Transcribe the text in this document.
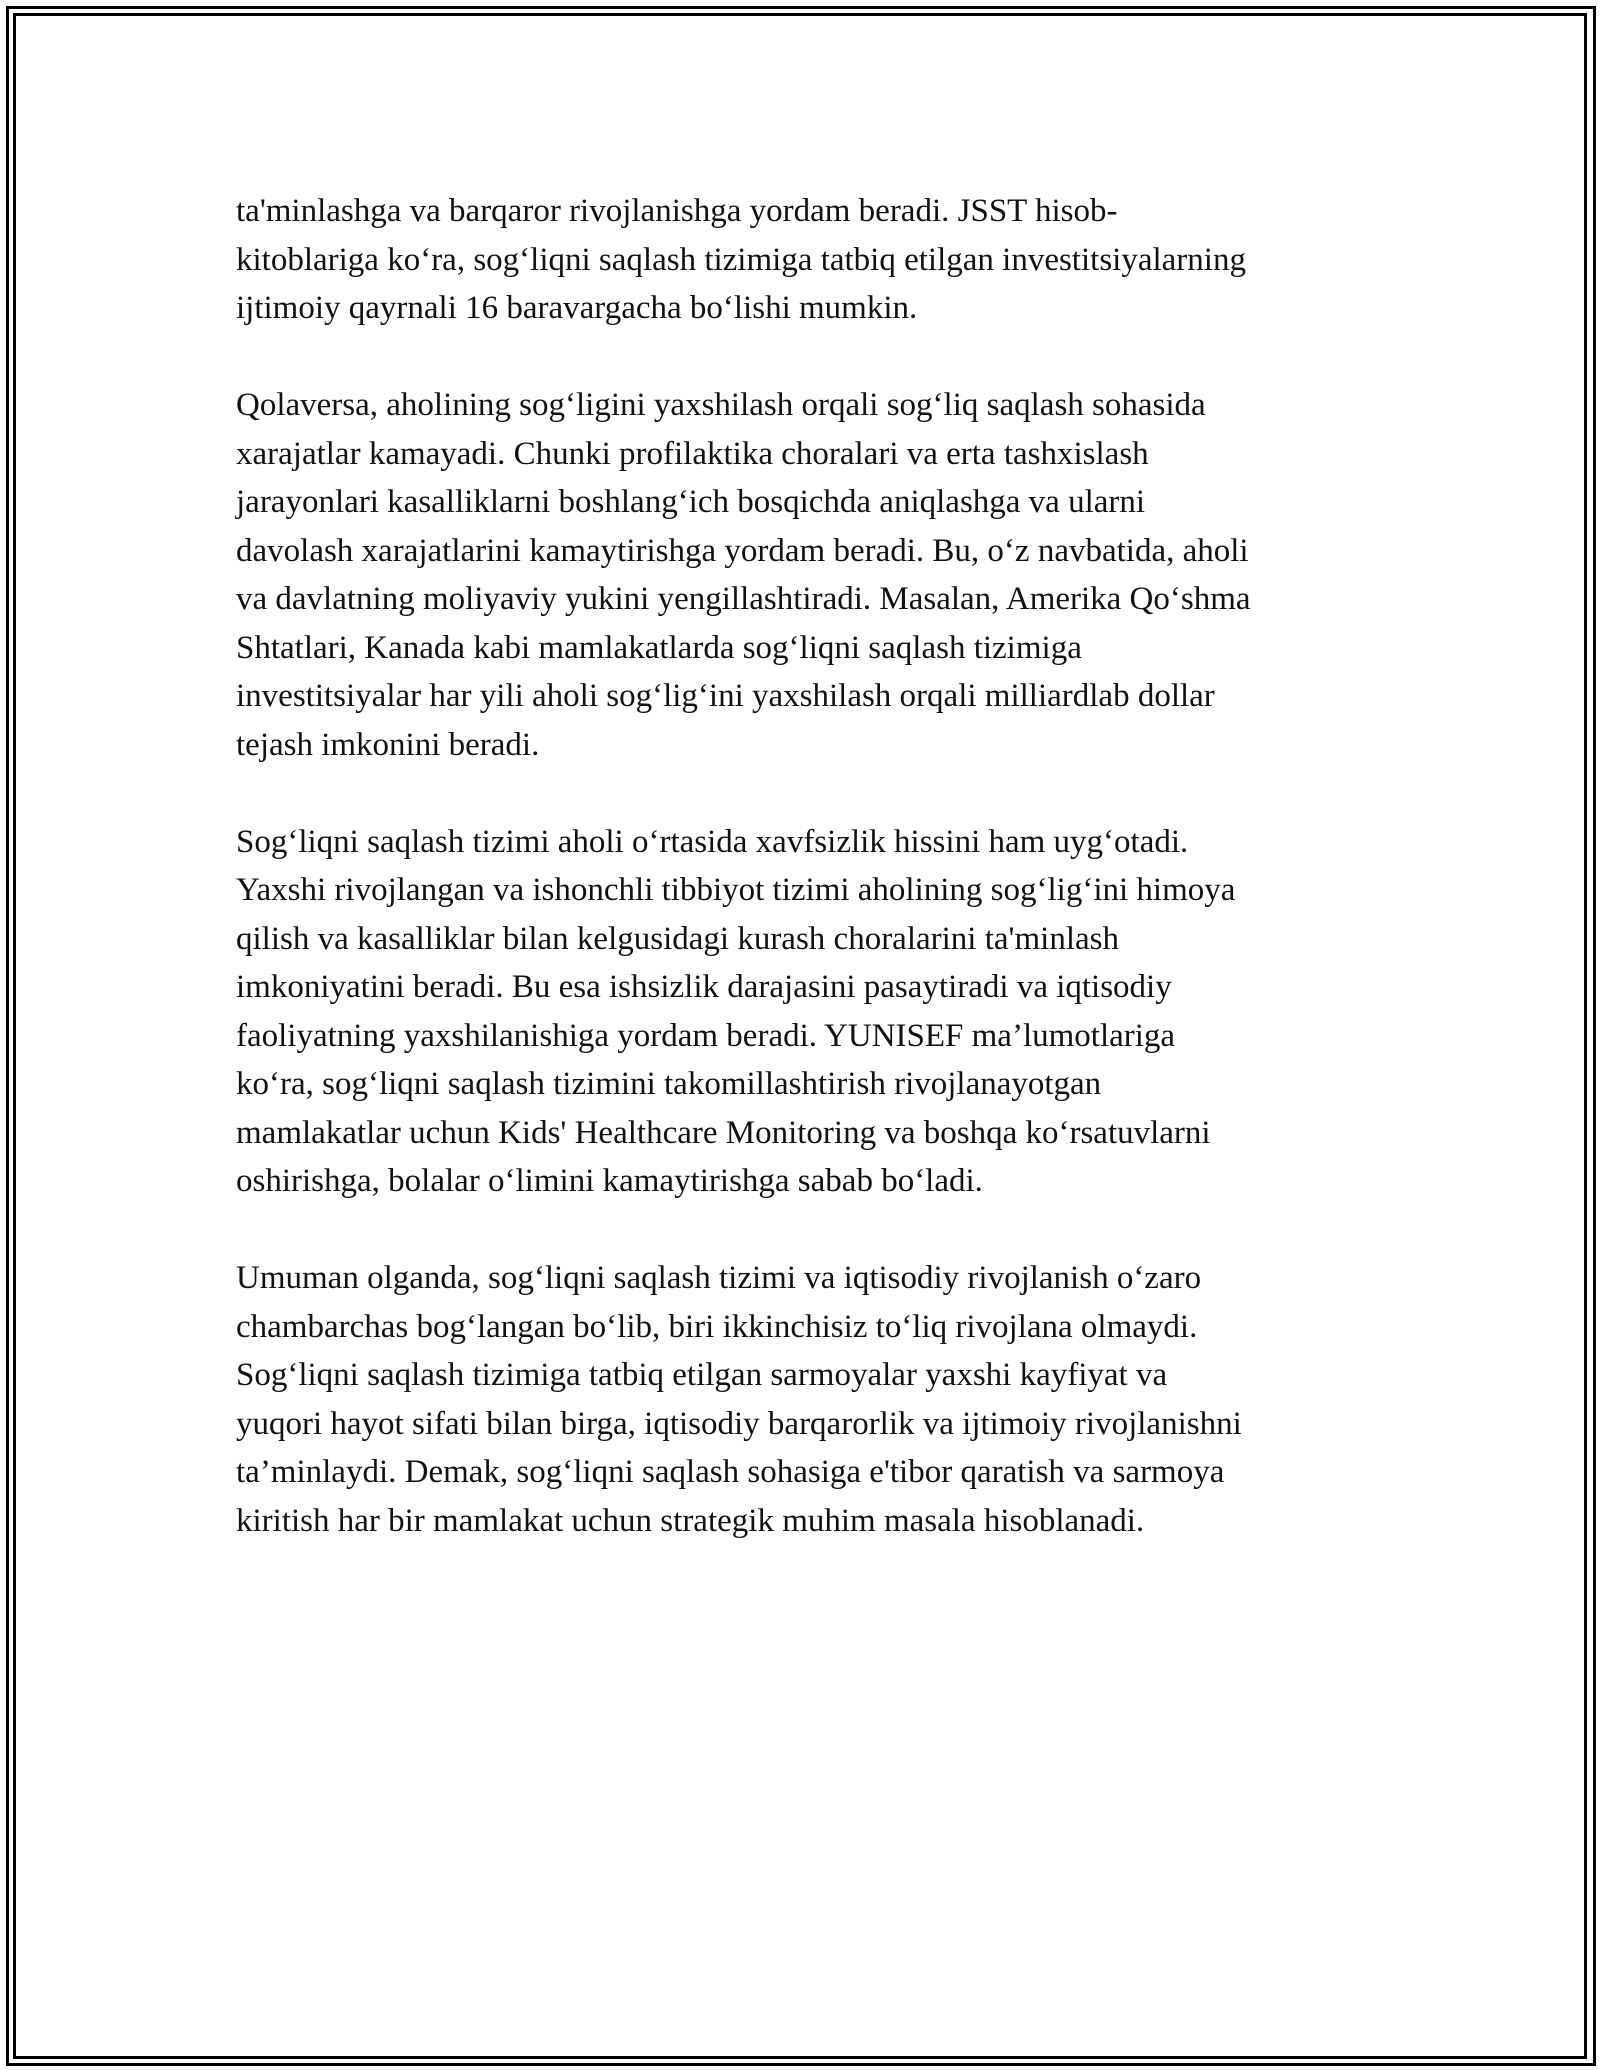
ta'minlashga va barqaror rivojlanishga yordam beradi. JSST hisob-
kitoblariga ko‘ra, sog‘liqni saqlash tizimiga tatbiq etilgan investitsiyalarning
ijtimoiy qayrnali 16 baravargacha bo‘lishi mumkin.

Qolaversa, aholining sog‘ligini yaxshilash orqali sog‘liq saqlash sohasida
xarajatlar kamayadi. Chunki profilaktika choralari va erta tashxislash
jarayonlari kasalliklarni boshlang‘ich bosqichda aniqlashga va ularni
davolash xarajatlarini kamaytirishga yordam beradi. Bu, o‘z navbatida, aholi
va davlatning moliyaviy yukini yengillashtiradi. Masalan, Amerika Qo‘shma
Shtatlari, Kanada kabi mamlakatlarda sog‘liqni saqlash tizimiga
investitsiyalar har yili aholi sog‘lig‘ini yaxshilash orqali milliardlab dollar
tejash imkonini beradi.

Sog‘liqni saqlash tizimi aholi o‘rtasida xavfsizlik hissini ham uyg‘otadi.
Yaxshi rivojlangan va ishonchli tibbiyot tizimi aholining sog‘lig‘ini himoya
qilish va kasalliklar bilan kelgusidagi kurash choralarini ta'minlash
imkoniyatini beradi. Bu esa ishsizlik darajasini pasaytiradi va iqtisodiy
faoliyatning yaxshilanishiga yordam beradi. YUNISEF ma’lumotlariga
ko‘ra, sog‘liqni saqlash tizimini takomillashtirish rivojlanayotgan
mamlakatlar uchun Kids' Healthcare Monitoring va boshqa ko‘rsatuvlarni
oshirishga, bolalar o‘limini kamaytirishga sabab bo‘ladi.

Umuman olganda, sog‘liqni saqlash tizimi va iqtisodiy rivojlanish o‘zaro
chambarchas bog‘langan bo‘lib, biri ikkinchisiz to‘liq rivojlana olmaydi.
Sog‘liqni saqlash tizimiga tatbiq etilgan sarmoyalar yaxshi kayfiyat va
yuqori hayot sifati bilan birga, iqtisodiy barqarorlik va ijtimoiy rivojlanishni
ta’minlaydi. Demak, sog‘liqni saqlash sohasiga e'tibor qaratish va sarmoya
kiritish har bir mamlakat uchun strategik muhim masala hisoblanadi.
